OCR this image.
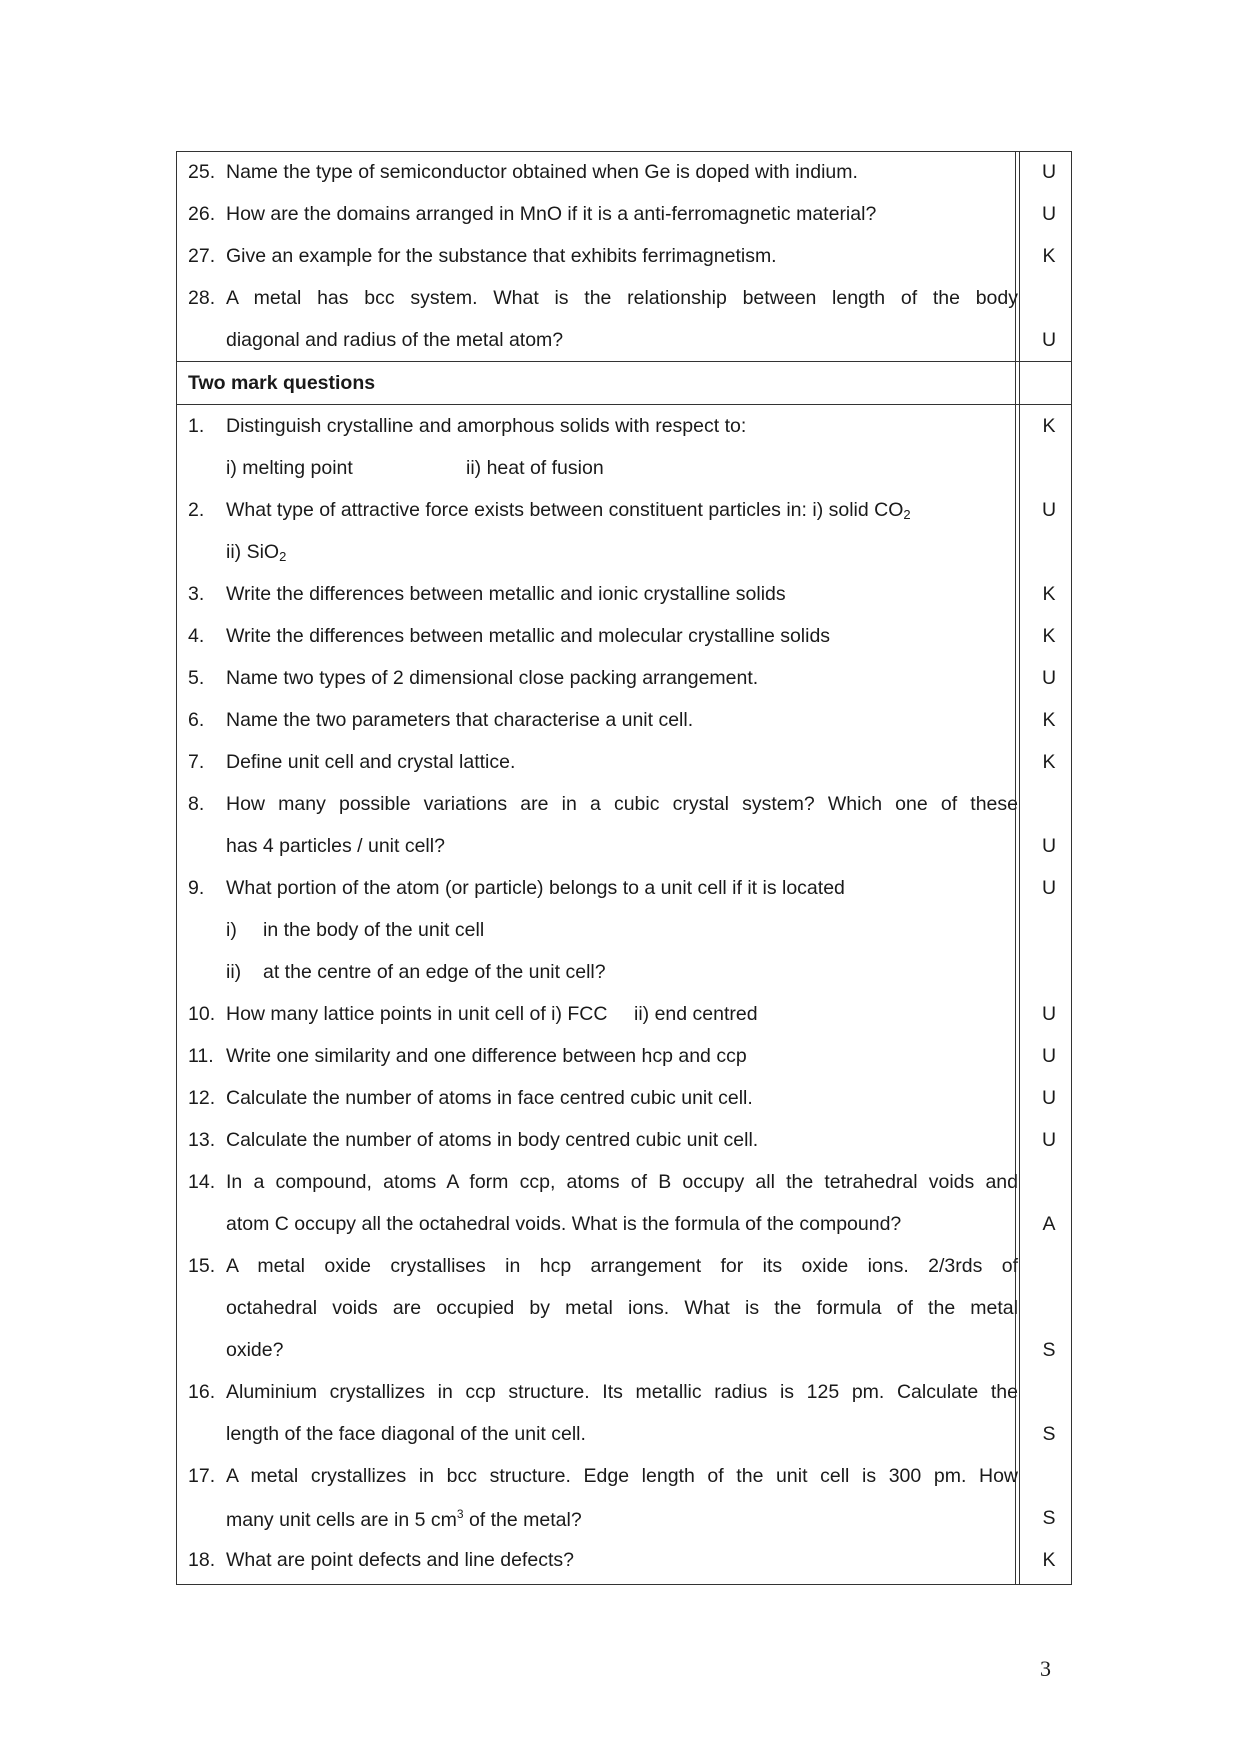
25. Name the type of semiconductor obtained when Ge is doped with indium.	U
26. How are the domains arranged in MnO if it is a anti-ferromagnetic material?	U
27. Give an example for the substance that exhibits ferrimagnetism.	K
28. A metal has bcc system. What is the relationship between length of the body
diagonal and radius of the metal atom?	U
Two mark questions
1. Distinguish crystalline and amorphous solids with respect to:	K
i) melting point	ii) heat of fusion
2. What type of attractive force exists between constituent particles in: i) solid $CO_2$	U
ii) SiO$_2$
3. Write the differences between metallic and ionic crystalline solids	K
4. Write the differences between metallic and molecular crystalline solids	K
5. Name two types of 2 dimensional close packing arrangement.	U
6. Name the two parameters that characterise a unit cell.	K
7. Define unit cell and crystal lattice.	K
8. How many possible variations are in a cubic crystal system? Which one of these
has 4 particles / unit cell?	U
9. What portion of the atom (or particle) belongs to a unit cell if it is located	U
i)	in the body of the unit cell
ii)	at the centre of an edge of the unit cell?
10. How many lattice points in unit cell of i) FCC	ii) end centred	U
11. Write one similarity and one difference between hcp and ccp	U
12. Calculate the number of atoms in face centred cubic unit cell.	U
13. Calculate the number of atoms in body centred cubic unit cell.	U
14. In a compound, atoms A form ccp, atoms of B occupy all the tetrahedral voids and
atom C occupy all the octahedral voids. What is the formula of the compound?	A
15. A metal oxide crystallises in hcp arrangement for its oxide ions. 2/3rds of
octahedral voids are occupied by metal ions. What is the formula of the metal
oxide?	S
16. Aluminium crystallizes in ccp structure. Its metallic radius is 125 pm. Calculate the
length of the face diagonal of the unit cell.	S
17. A metal crystallizes in bcc structure. Edge length of the unit cell is 300 pm. How
many unit cells are in 5 $cm^3$ of the metal?	S
18. What are point defects and line defects?	K
3
